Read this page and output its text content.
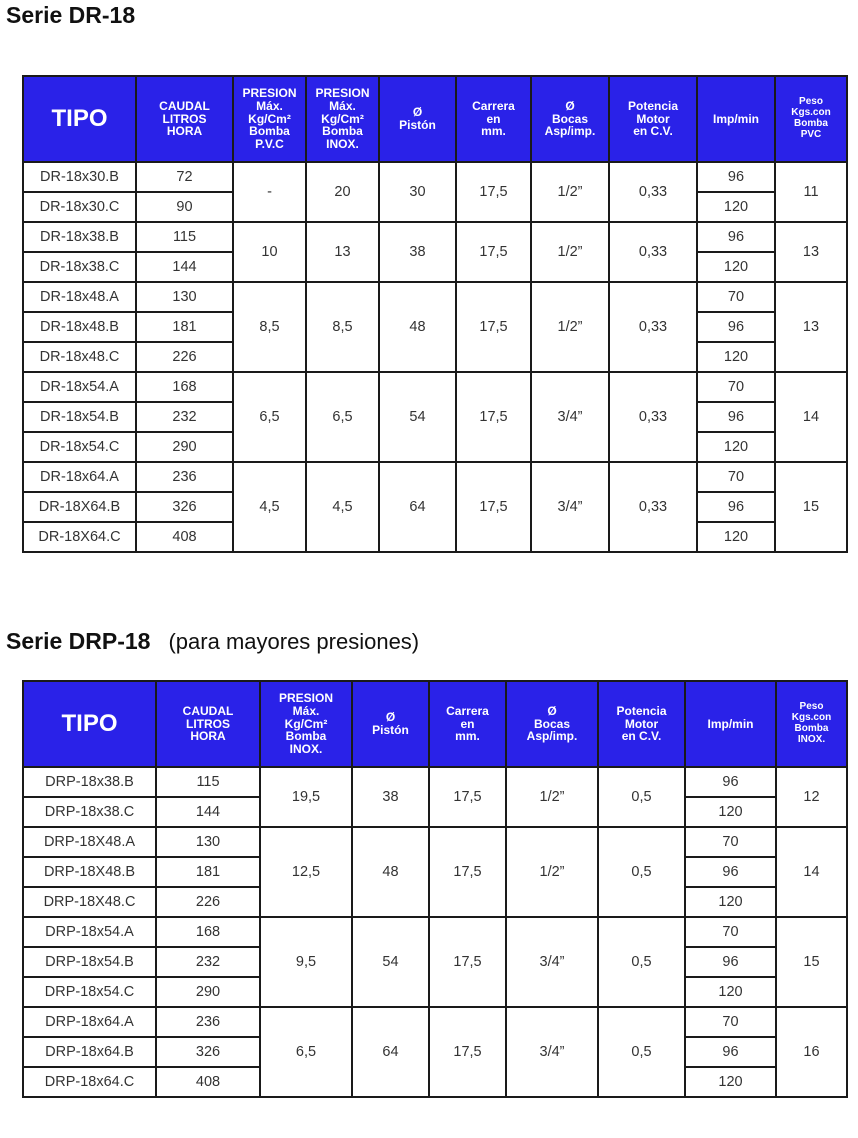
Serie DR-18
TIPO	CAUDAL
LITROS
HORA	PRESION
Máx.
Kg/Cm²
Bomba
P.V.C	PRESION
Máx.
Kg/Cm²
Bomba
INOX.	Ø
Pistón	Carrera
en
mm.	Ø
Bocas
Asp/imp.	Potencia
Motor
en C.V.	Imp/min	Peso
Kgs.con
Bomba
PVC

DR-18x30.B	72	-	20	30	17,5	1/2”	0,33	96	11
DR-18x30.C	90							120	
DR-18x38.B	115	10	13	38	17,5	1/2”	0,33	96	13
DR-18x38.C	144							120	
DR-18x48.A	130	8,5	8,5	48	17,5	1/2”	0,33	70	13
DR-18x48.B	181							96	
DR-18x48.C	226							120	
DR-18x54.A	168	6,5	6,5	54	17,5	3/4”	0,33	70	14
DR-18x54.B	232							96	
DR-18x54.C	290							120	
DR-18x64.A	236	4,5	4,5	64	17,5	3/4”	0,33	70	15
DR-18X64.B	326							96	
DR-18X64.C	408							120	
Serie DRP-18 (para mayores presiones)
TIPO	CAUDAL
LITROS
HORA	PRESION
Máx.
Kg/Cm²
Bomba
INOX.	Ø
Pistón	Carrera
en
mm.	Ø
Bocas
Asp/imp.	Potencia
Motor
en C.V.	Imp/min	Peso
Kgs.con
Bomba
INOX.

DRP-18x38.B	115	19,5	38	17,5	1/2”	0,5	96	12
DRP-18x38.C	144						120	
DRP-18X48.A	130	12,5	48	17,5	1/2”	0,5	70	14
DRP-18X48.B	181						96	
DRP-18X48.C	226						120	
DRP-18x54.A	168	9,5	54	17,5	3/4”	0,5	70	15
DRP-18x54.B	232						96	
DRP-18x54.C	290						120	
DRP-18x64.A	236	6,5	64	17,5	3/4”	0,5	70	16
DRP-18x64.B	326						96	
DRP-18x64.C	408						120	
